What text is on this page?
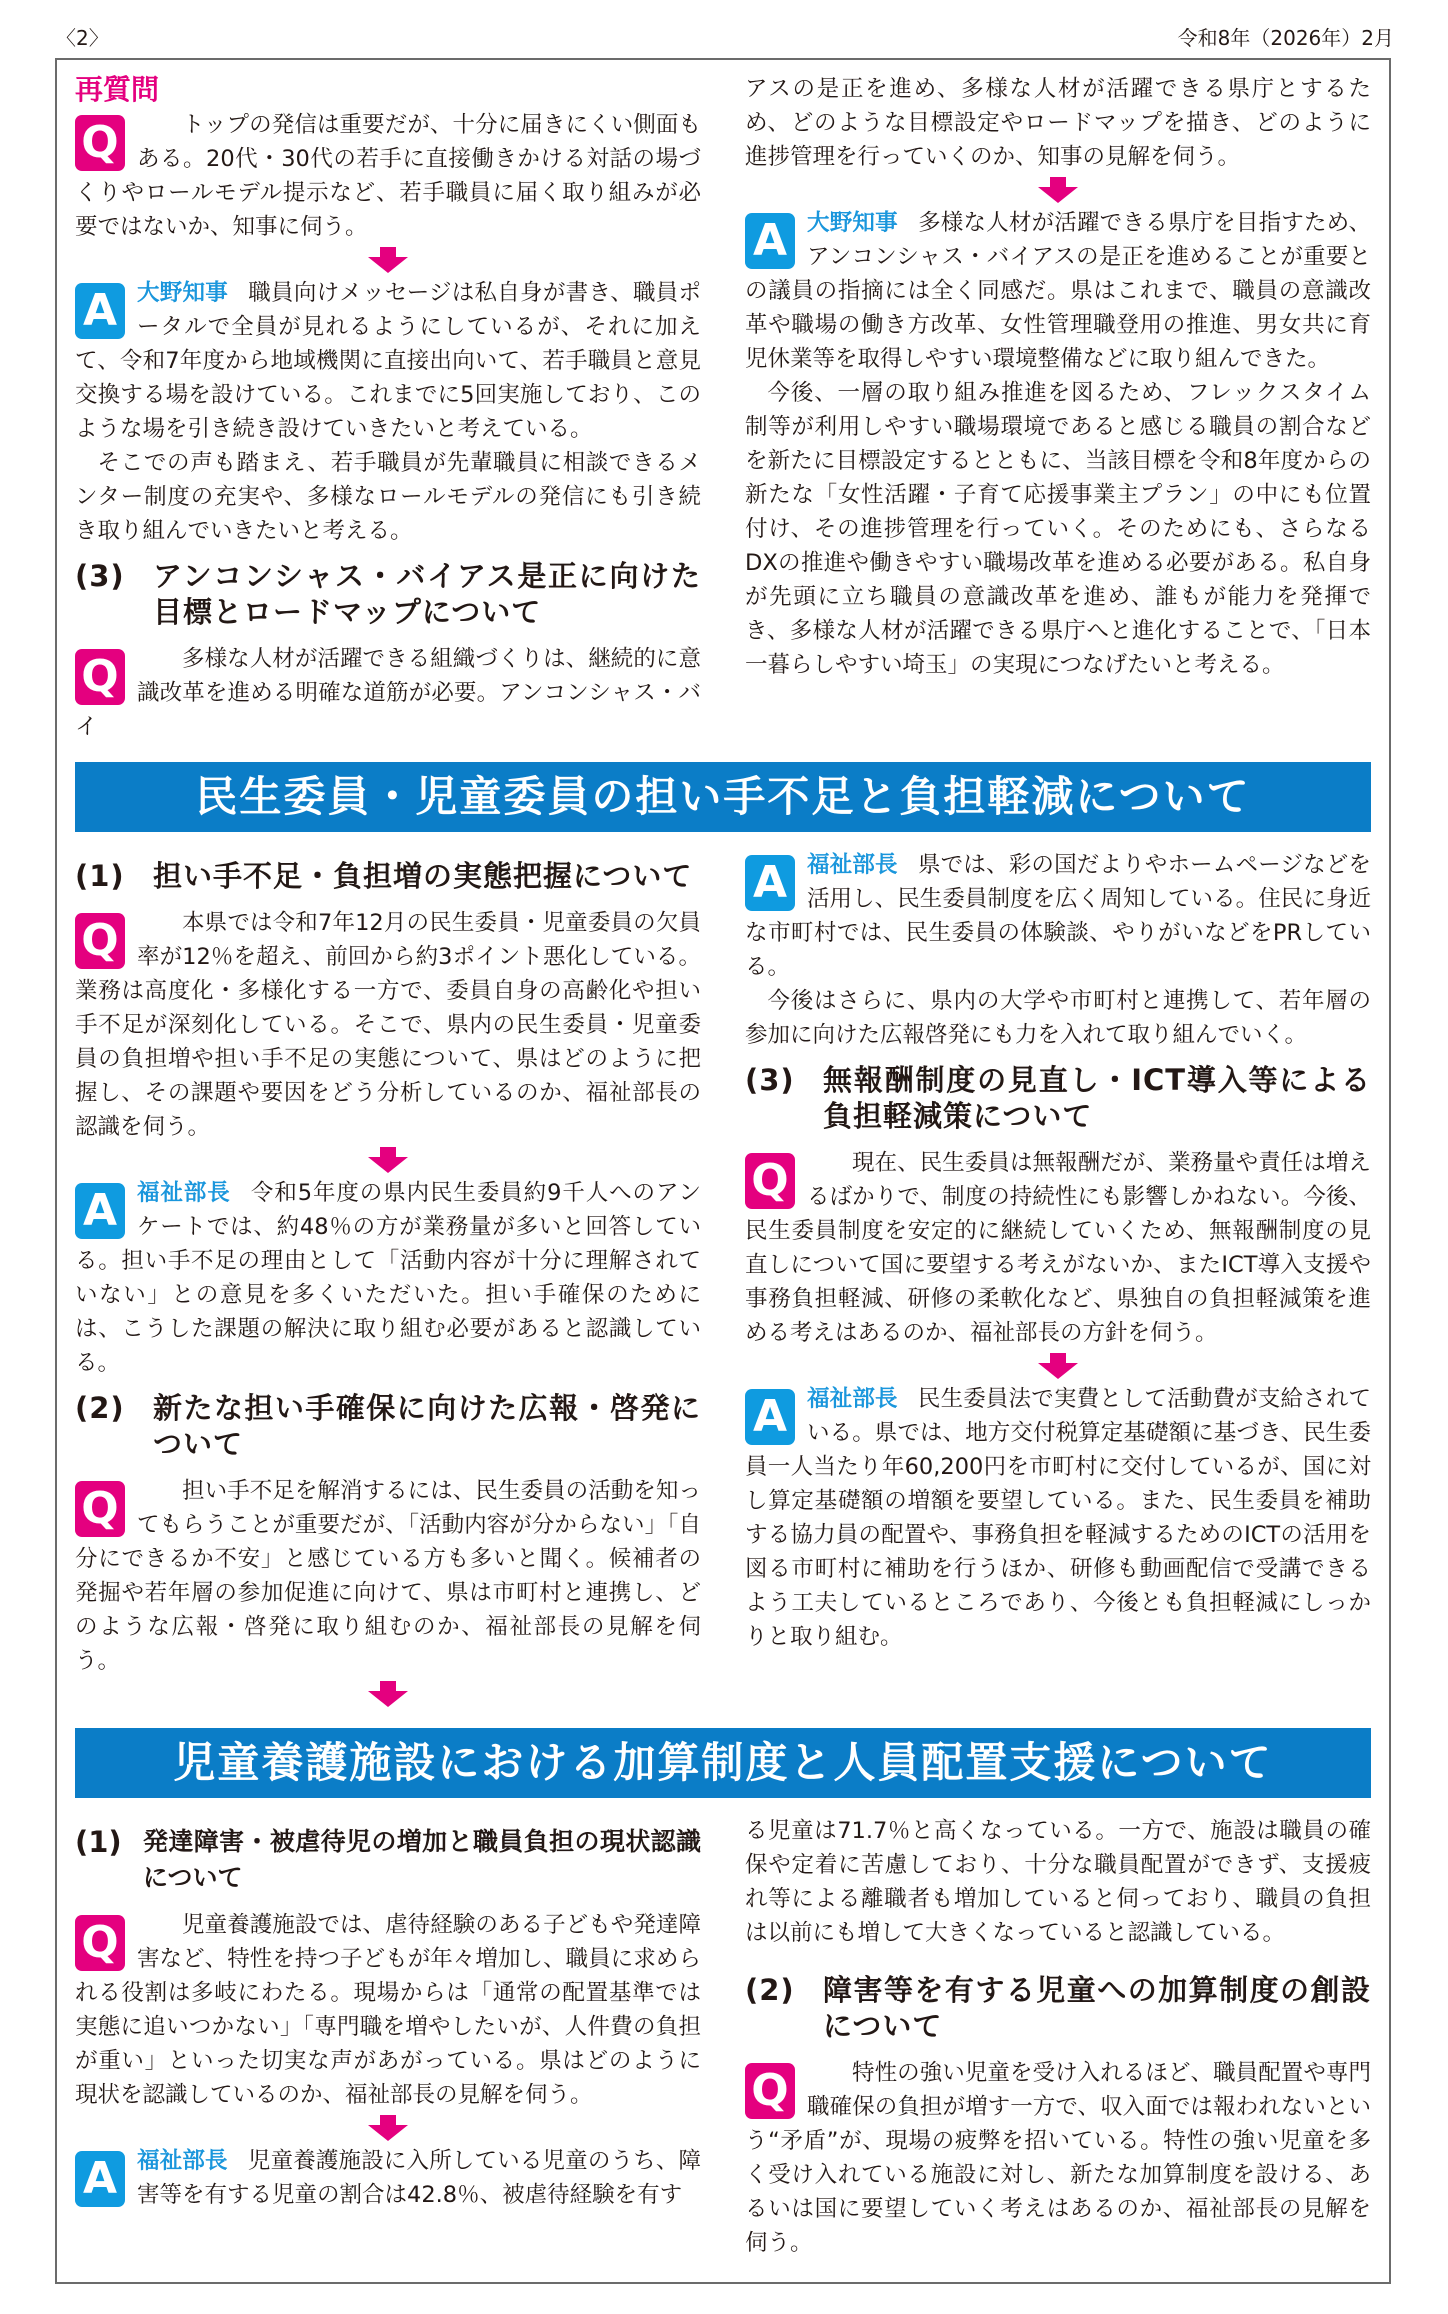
〈2〉	令和8年（2026年）2月
再質問
Q	トップの発信は重要だが、十分に届きにくい側面もある。20代・30代の若手に直接働きかける対話の場づくりやロールモデル提示など、若手職員に届く取り組みが必要ではないか、知事に伺う。

A 大野知事 職員向けメッセージは私自身が書き、職員ポータルで全員が見れるようにしているが、それに加えて、令和7年度から地域機関に直接出向いて、若手職員と意見交換する場を設けている。これまでに5回実施しており、このような場を引き続き設けていきたいと考えている。

そこでの声も踏まえ、若手職員が先輩職員に相談できるメンター制度の充実や、多様なロールモデルの発信にも引き続き取り組んでいきたいと考える。

(3) アンコンシャス・バイアス是正に向けた目標とロードマップについて
Q	多様な人材が活躍できる組織づくりは、継続的に意識改革を進める明確な道筋が必要。アンコンシャス・バイ

アスの是正を進め、多様な人材が活躍できる県庁とするため、どのような目標設定やロードマップを描き、どのように進捗管理を行っていくのか、知事の見解を伺う。

A 大野知事 多様な人材が活躍できる県庁を目指すため、アンコンシャス・バイアスの是正を進めることが重要との議員の指摘には全く同感だ。県はこれまで、職員の意識改革や職場の働き方改革、女性管理職登用の推進、男女共に育児休業等を取得しやすい環境整備などに取り組んできた。

今後、一層の取り組み推進を図るため、フレックスタイム制等が利用しやすい職場環境であると感じる職員の割合などを新たに目標設定するとともに、当該目標を令和8年度からの新たな「女性活躍・子育て応援事業主プラン」の中にも位置付け、その進捗管理を行っていく。そのためにも、さらなるDXの推進や働きやすい職場改革を進める必要がある。私自身が先頭に立ち職員の意識改革を進め、誰もが能力を発揮でき、多様な人材が活躍できる県庁へと進化することで、「日本一暮らしやすい埼玉」の実現につなげたいと考える。

民生委員・児童委員の担い手不足と負担軽減について
(1) 担い手不足・負担増の実態把握について
Q	本県では令和7年12月の民生委員・児童委員の欠員率が12％を超え、前回から約3ポイント悪化している。業務は高度化・多様化する一方で、委員自身の高齢化や担い手不足が深刻化している。そこで、県内の民生委員・児童委員の負担増や担い手不足の実態について、県はどのように把握し、その課題や要因をどう分析しているのか、福祉部長の認識を伺う。

A 福祉部長 令和5年度の県内民生委員約9千人へのアンケートでは、約48％の方が業務量が多いと回答している。担い手不足の理由として「活動内容が十分に理解されていない」との意見を多くいただいた。担い手確保のためには、こうした課題の解決に取り組む必要があると認識している。

(2) 新たな担い手確保に向けた広報・啓発について
Q	担い手不足を解消するには、民生委員の活動を知ってもらうことが重要だが、「活動内容が分からない」「自分にできるか不安」と感じている方も多いと聞く。候補者の発掘や若年層の参加促進に向けて、県は市町村と連携し、どのような広報・啓発に取り組むのか、福祉部長の見解を伺う。

A 福祉部長 県では、彩の国だよりやホームページなどを活用し、民生委員制度を広く周知している。住民に身近な市町村では、民生委員の体験談、やりがいなどをPRしている。

今後はさらに、県内の大学や市町村と連携して、若年層の参加に向けた広報啓発にも力を入れて取り組んでいく。

(3) 無報酬制度の見直し・ICT導入等による負担軽減策について
Q	現在、民生委員は無報酬だが、業務量や責任は増えるばかりで、制度の持続性にも影響しかねない。今後、民生委員制度を安定的に継続していくため、無報酬制度の見直しについて国に要望する考えがないか、またICT導入支援や事務負担軽減、研修の柔軟化など、県独自の負担軽減策を進める考えはあるのか、福祉部長の方針を伺う。

A 福祉部長 民生委員法で実費として活動費が支給されている。県では、地方交付税算定基礎額に基づき、民生委員一人当たり年60,200円を市町村に交付しているが、国に対し算定基礎額の増額を要望している。また、民生委員を補助する協力員の配置や、事務負担を軽減するためのICTの活用を図る市町村に補助を行うほか、研修も動画配信で受講できるよう工夫しているところであり、今後とも負担軽減にしっかりと取り組む。

児童養護施設における加算制度と人員配置支援について
(1) 発達障害・被虐待児の増加と職員負担の現状認識について
Q	児童養護施設では、虐待経験のある子どもや発達障害など、特性を持つ子どもが年々増加し、職員に求められる役割は多岐にわたる。現場からは「通常の配置基準では実態に追いつかない」「専門職を増やしたいが、人件費の負担が重い」といった切実な声があがっている。県はどのように現状を認識しているのか、福祉部長の見解を伺う。

A 福祉部長 児童養護施設に入所している児童のうち、障害等を有する児童の割合は42.8％、被虐待経験を有す

る児童は71.7％と高くなっている。一方で、施設は職員の確保や定着に苦慮しており、十分な職員配置ができず、支援疲れ等による離職者も増加していると伺っており、職員の負担は以前にも増して大きくなっていると認識している。

(2) 障害等を有する児童への加算制度の創設について
Q	特性の強い児童を受け入れるほど、職員配置や専門職確保の負担が増す一方で、収入面では報われないという“矛盾”が、現場の疲弊を招いている。特性の強い児童を多く受け入れている施設に対し、新たな加算制度を設ける、あるいは国に要望していく考えはあるのか、福祉部長の見解を伺う。
